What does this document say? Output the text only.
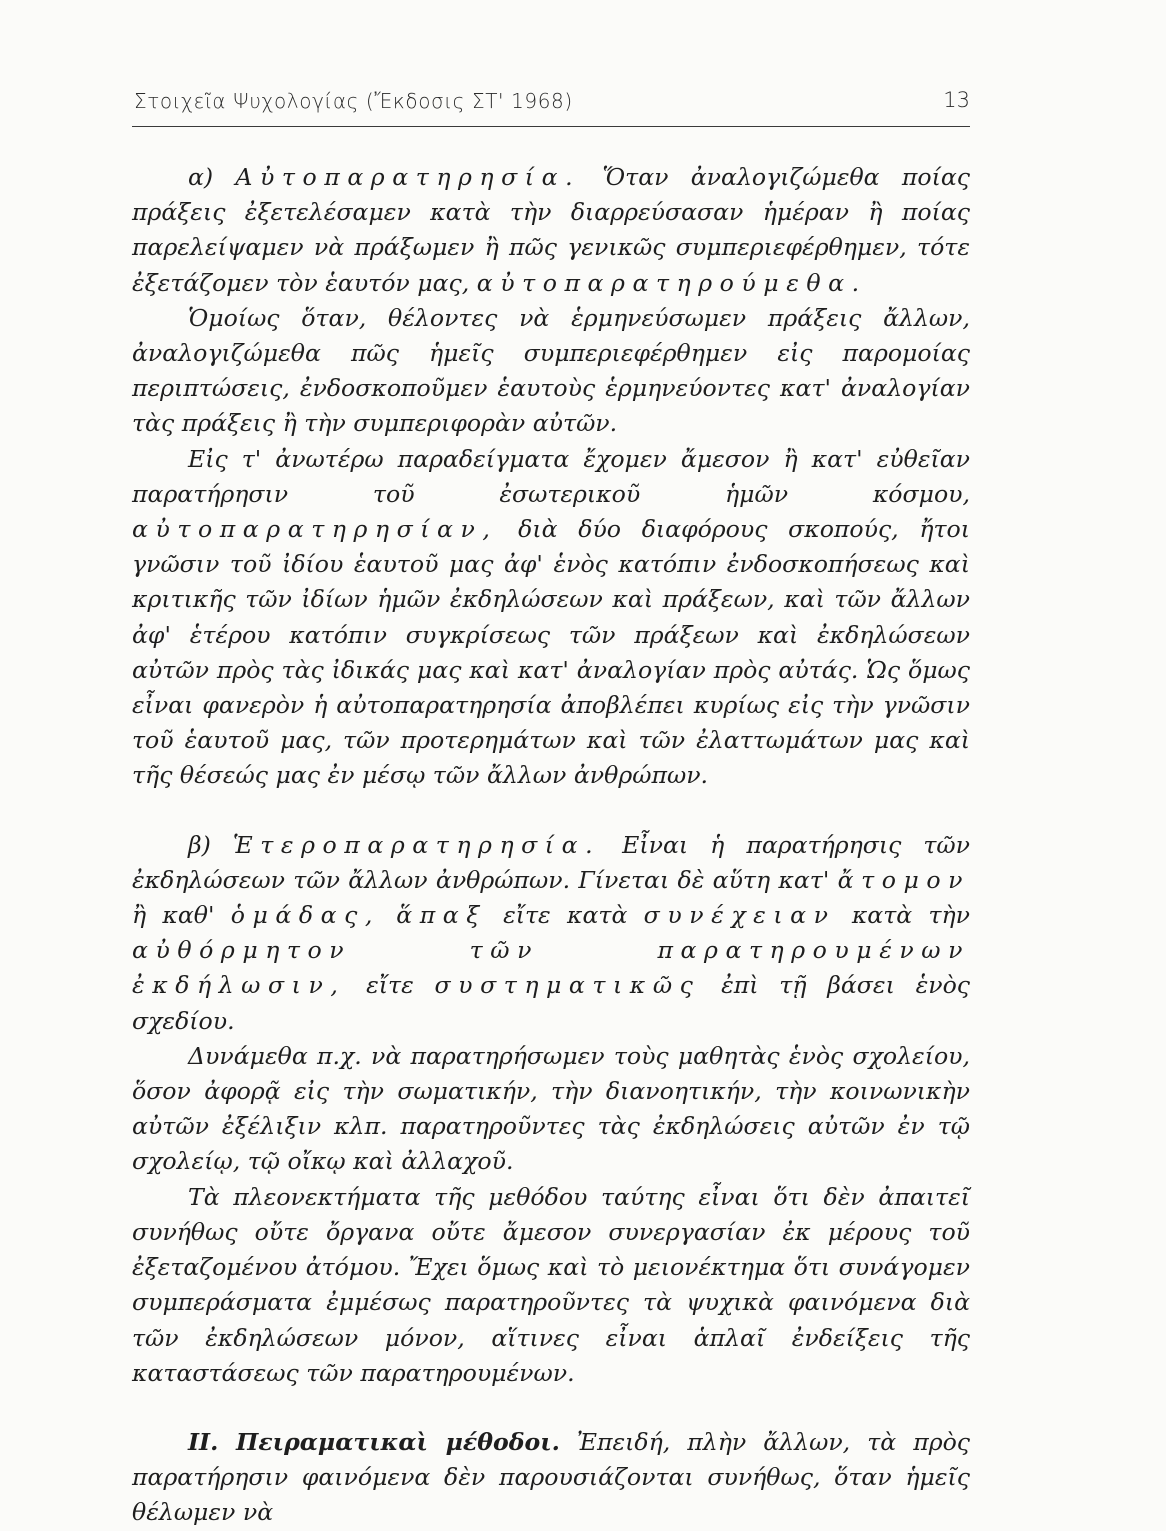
Στοιχεῖα Ψυχολογίας (Ἔκδοσις ΣΤ' 1968)	13

α) Αὐτοπαρατηρησία. Ὅταν ἀναλογιζώμεθα ποίας πράξεις ἐξετελέσαμεν κατὰ τὴν διαρρεύσασαν ἡμέραν ἢ ποίας παρελείψαμεν νὰ πράξωμεν ἢ πῶς γενικῶς συμπεριεφέρθημεν, τότε ἐξετάζομεν τὸν ἑαυτόν μας, αὐτοπαρατηρούμεθα.

Ὁμοίως ὅταν, θέλοντες νὰ ἑρμηνεύσωμεν πράξεις ἄλλων, ἀναλογιζώμεθα πῶς ἡμεῖς συμπεριεφέρθημεν εἰς παρομοίας περιπτώσεις, ἐνδοσκοποῦμεν ἑαυτοὺς ἑρμηνεύοντες κατ' ἀναλογίαν τὰς πράξεις ἢ τὴν συμπεριφορὰν αὐτῶν.

Εἰς τ' ἀνωτέρω παραδείγματα ἔχομεν ἄμεσον ἢ κατ' εὐθεῖαν παρατήρησιν τοῦ ἐσωτερικοῦ ἡμῶν κόσμου, αὐτοπαρατηρησίαν, διὰ δύο διαφόρους σκοπούς, ἤτοι γνῶσιν τοῦ ἰδίου ἑαυτοῦ μας ἀφ' ἑνὸς κατόπιν ἐνδοσκοπήσεως καὶ κριτικῆς τῶν ἰδίων ἡμῶν ἐκδηλώσεων καὶ πράξεων, καὶ τῶν ἄλλων ἀφ' ἑτέρου κατόπιν συγκρίσεως τῶν πράξεων καὶ ἐκδηλώσεων αὐτῶν πρὸς τὰς ἰδικάς μας καὶ κατ' ἀναλογίαν πρὸς αὐτάς. Ὡς ὅμως εἶναι φανερὸν ἡ αὐτοπαρατηρησία ἀποβλέπει κυρίως εἰς τὴν γνῶσιν τοῦ ἑαυτοῦ μας, τῶν προτερημάτων καὶ τῶν ἐλαττωμάτων μας καὶ τῆς θέσεώς μας ἐν μέσῳ τῶν ἄλλων ἀνθρώπων.

β) Ἑτεροπαρατηρησία. Εἶναι ἡ παρατήρησις τῶν ἐκδηλώσεων τῶν ἄλλων ἀνθρώπων. Γίνεται δὲ αὕτη κατ' ἄτομον ἢ καθ' ὁμάδας, ἅπαξ εἴτε κατὰ συνέχειαν κατὰ τὴν αὐθόρμητον τῶν παρατηρουμένων ἐκδήλωσιν, εἴτε συστηματικῶς ἐπὶ τῇ βάσει ἑνὸς σχεδίου.

Δυνάμεθα π.χ. νὰ παρατηρήσωμεν τοὺς μαθητὰς ἑνὸς σχολείου, ὅσον ἀφορᾷ εἰς τὴν σωματικήν, τὴν διανοητικήν, τὴν κοινωνικὴν αὐτῶν ἐξέλιξιν κλπ. παρατηροῦντες τὰς ἐκδηλώσεις αὐτῶν ἐν τῷ σχολείῳ, τῷ οἴκῳ καὶ ἀλλαχοῦ.

Τὰ πλεονεκτήματα τῆς μεθόδου ταύτης εἶναι ὅτι δὲν ἀπαιτεῖ συνήθως οὔτε ὄργανα οὔτε ἄμεσον συνεργασίαν ἐκ μέρους τοῦ ἐξεταζομένου ἀτόμου. Ἔχει ὅμως καὶ τὸ μειονέκτημα ὅτι συνάγομεν συμπεράσματα ἐμμέσως παρατηροῦντες τὰ ψυχικὰ φαινόμενα διὰ τῶν ἐκδηλώσεων μόνον, αἵτινες εἶναι ἁπλαῖ ἐνδείξεις τῆς καταστάσεως τῶν παρατηρουμένων.

II. Πειραματικαὶ μέθοδοι. Ἐπειδή, πλὴν ἄλλων, τὰ πρὸς παρατήρησιν φαινόμενα δὲν παρουσιάζονται συνήθως, ὅταν ἡμεῖς θέλωμεν νὰ
